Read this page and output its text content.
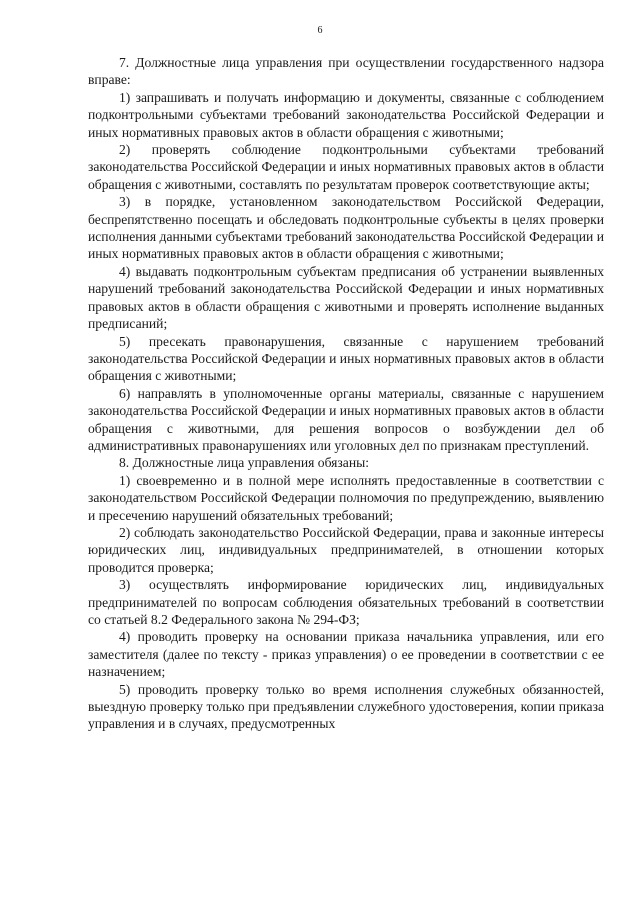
6

7. Должностные лица управления при осуществлении государственного надзора вправе:

1) запрашивать и получать информацию и документы, связанные с соблюдением подконтрольными субъектами требований законодательства Российской Федерации и иных нормативных правовых актов в области обращения с животными;

2) проверять соблюдение подконтрольными субъектами требований законодательства Российской Федерации и иных нормативных правовых актов в области обращения с животными, составлять по результатам проверок соответствующие акты;

3) в порядке, установленном законодательством Российской Федерации, беспрепятственно посещать и обследовать подконтрольные субъекты в целях проверки исполнения данными субъектами требований законодательства Российской Федерации и иных нормативных правовых актов в области обращения с животными;

4) выдавать подконтрольным субъектам предписания об устранении выявленных нарушений требований законодательства Российской Федерации и иных нормативных правовых актов в области обращения с животными и проверять исполнение выданных предписаний;

5) пресекать правонарушения, связанные с нарушением требований законодательства Российской Федерации и иных нормативных правовых актов в области обращения с животными;

6) направлять в уполномоченные органы материалы, связанные с нарушением законодательства Российской Федерации и иных нормативных правовых актов в области обращения с животными, для решения вопросов о возбуждении дел об административных правонарушениях или уголовных дел по признакам преступлений.

8. Должностные лица управления обязаны:

1) своевременно и в полной мере исполнять предоставленные в соответствии с законодательством Российской Федерации полномочия по предупреждению, выявлению и пресечению нарушений обязательных требований;

2) соблюдать законодательство Российской Федерации, права и законные интересы юридических лиц, индивидуальных предпринимателей, в отношении которых проводится проверка;

3) осуществлять информирование юридических лиц, индивидуальных предпринимателей по вопросам соблюдения обязательных требований в соответствии со статьей 8.2 Федерального закона № 294-ФЗ;

4) проводить проверку на основании приказа начальника управления, или его заместителя (далее по тексту - приказ управления) о ее проведении в соответствии с ее назначением;

5) проводить проверку только во время исполнения служебных обязанностей, выездную проверку только при предъявлении служебного удостоверения, копии приказа управления и в случаях, предусмотренных
